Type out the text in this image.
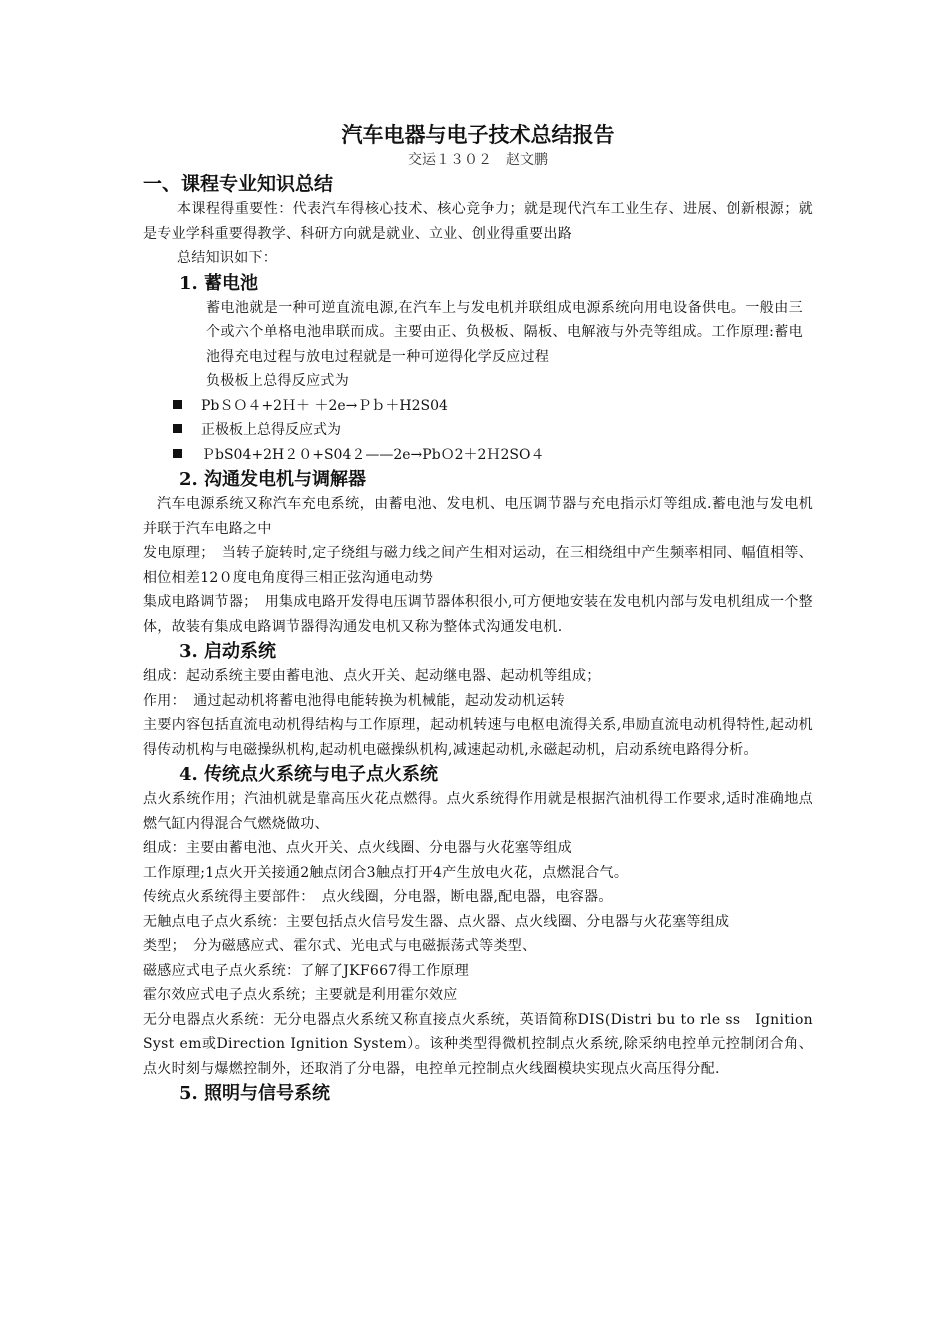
汽车电器与电子技术总结报告

交运１３０２　赵文鹏

一、课程专业知识总结

本课程得重要性：代表汽车得核心技术、核心竞争力；就是现代汽车工业生存、进展、创新根源；就是专业学科重要得教学、科研方向就是就业、立业、创业得重要出路

总结知识如下：

1. 蓄电池

蓄电池就是一种可逆直流电源,在汽车上与发电机并联组成电源系统向用电设备供电。一般由三个或六个单格电池串联而成。主要由正、负极板、隔板、电解液与外壳等组成。工作原理:蓄电池得充电过程与放电过程就是一种可逆得化学反应过程

负极板上总得反应式为

PbＳＯ４+2Ｈ＋ ＋2e→Ｐｂ＋H2S04
正极板上总得反应式为
ＰbS04+2H２０+S04２——2e→PbＯ2＋2Ｈ2SO４

2. 沟通发电机与调解器

汽车电源系统又称汽车充电系统，由蓄电池、发电机、电压调节器与充电指示灯等组成.蓄电池与发电机并联于汽车电路之中

发电原理；　当转子旋转时,定子绕组与磁力线之间产生相对运动，在三相绕组中产生频率相同、幅值相等、相位相差12０度电角度得三相正弦沟通电动势

集成电路调节器；　用集成电路开发得电压调节器体积很小,可方便地安装在发电机内部与发电机组成一个整体，故装有集成电路调节器得沟通发电机又称为整体式沟通发电机.

3. 启动系统

组成：起动系统主要由蓄电池、点火开关、起动继电器、起动机等组成；

作用：　通过起动机将蓄电池得电能转换为机械能，起动发动机运转

主要内容包括直流电动机得结构与工作原理，起动机转速与电枢电流得关系,串励直流电动机得特性,起动机得传动机构与电磁操纵机构,起动机电磁操纵机构,减速起动机,永磁起动机，启动系统电路得分析。

4. 传统点火系统与电子点火系统

点火系统作用；汽油机就是靠高压火花点燃得。点火系统得作用就是根据汽油机得工作要求,适时准确地点燃气缸内得混合气燃烧做功、

组成：主要由蓄电池、点火开关、点火线圈、分电器与火花塞等组成

工作原理;1点火开关接通2触点闭合3触点打开4产生放电火花，点燃混合气。

传统点火系统得主要部件：　点火线圈，分电器，断电器,配电器，电容器。

无触点电子点火系统：主要包括点火信号发生器、点火器、点火线圈、分电器与火花塞等组成

类型；　分为磁感应式、霍尔式、光电式与电磁振荡式等类型、

磁感应式电子点火系统：了解了JKF667得工作原理

霍尔效应式电子点火系统；主要就是利用霍尔效应

无分电器点火系统：无分电器点火系统又称直接点火系统，英语简称DIS(Distri bu to rle ss　Ignition　Syst em或Direction Ignition System）。该种类型得微机控制点火系统,除采纳电控单元控制闭合角、点火时刻与爆燃控制外，还取消了分电器，电控单元控制点火线圈模块实现点火高压得分配.

5. 照明与信号系统
